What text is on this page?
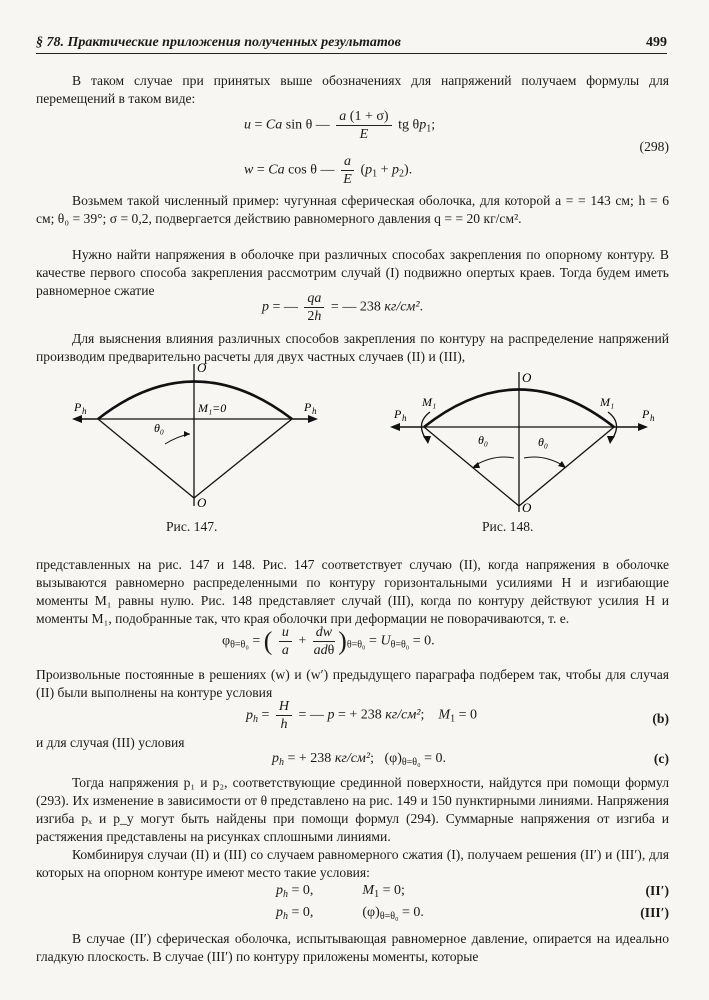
§ 78. Практические приложения полученных результатов	499
В таком случае при принятых выше обозначениях для напряжений получаем формулы для перемещений в таком виде:
u = Ca sin θ — $\frac{a (1 + \sigma)}{E}$ tg $\theta p_1$;
(298)
w = Ca cos θ — $\frac{a}{E} (p_1 + p_2)$.
Возьмем такой численный пример: чугунная сферическая оболочка, для которой a = = 143 см; h = 6 см; θ₀ = 39°; σ = 0,2, подвергается действию равномерного давления q = = 20 кг/см².
Нужно найти напряжения в оболочке при различных способах закрепления по опорному контуру. В качестве первого способа закрепления рассмотрим случай (I) подвижно опертых краев. Тогда будем иметь равномерное сжатие
p = — $\frac{qa}{2h}$ = — 238 кг/см².
Для выяснения влияния различных способов закрепления по контуру на распределение напряжений производим предварительно расчеты для двух частных случаев (II) и (III),
O
O
M₁=0
P h	P h
θ₀
Рис. 147.
O
O
P h	P h
M₁	M₁
θ₀	θ₀
Рис. 148.
представленных на рис. 147 и 148. Рис. 147 соответствует случаю (II), когда напряжения в оболочке вызываются равномерно распределенными по контуру горизонтальными усилиями H и изгибающие моменты M₁ равны нулю. Рис. 148 представляет случай (III), когда по контуру действуют усилия H и моменты M₁, подобранные так, что края оболочки при деформации не поворачиваются, т. е.
$\varphi_{\theta=\theta_0}$ = ( $\frac{u}{a} + \frac{dw}{\text{adθ}} )_{\theta=\theta_0} = U_{\theta=\theta_0} = 0$.
Произвольные постоянные в решениях (w) и (w′) предыдущего параграфа подберем так, чтобы для случая (II) были выполнены на контуре условия
$p_h = \frac{H}{h}$ = — p = + 238 кг/см²;    $M_1 = 0$	(b)
и для случая (III) условия
$p_h$ = + 238 кг/см²;   $(\varphi)_{\theta=\theta_0} = 0$.	(c)
Тогда напряжения p₁ и p₂, соответствующие срединной поверхности, найдутся при помощи формул (293). Их изменение в зависимости от θ представлено на рис. 149 и 150 пунктирными линиями. Напряжения изгиба pₓ и p_y могут быть найдены при помощи формул (294). Суммарные напряжения от изгиба и растяжения представлены на рисунках сплошными линиями.
Комбинируя случаи (II) и (III) со случаем равномерного сжатия (I), получаем решения (II′) и (III′), для которых на опорном контуре имеют место такие условия:
$p_h = 0$,              $M_1 = 0$;	(II′)
$p_h = 0$,              $(\varphi)_{\theta=\theta_0} = 0$.	(III′)
В случае (II′) сферическая оболочка, испытывающая равномерное давление, опирается на идеально гладкую плоскость. В случае (III′) по контуру приложены моменты, которые
